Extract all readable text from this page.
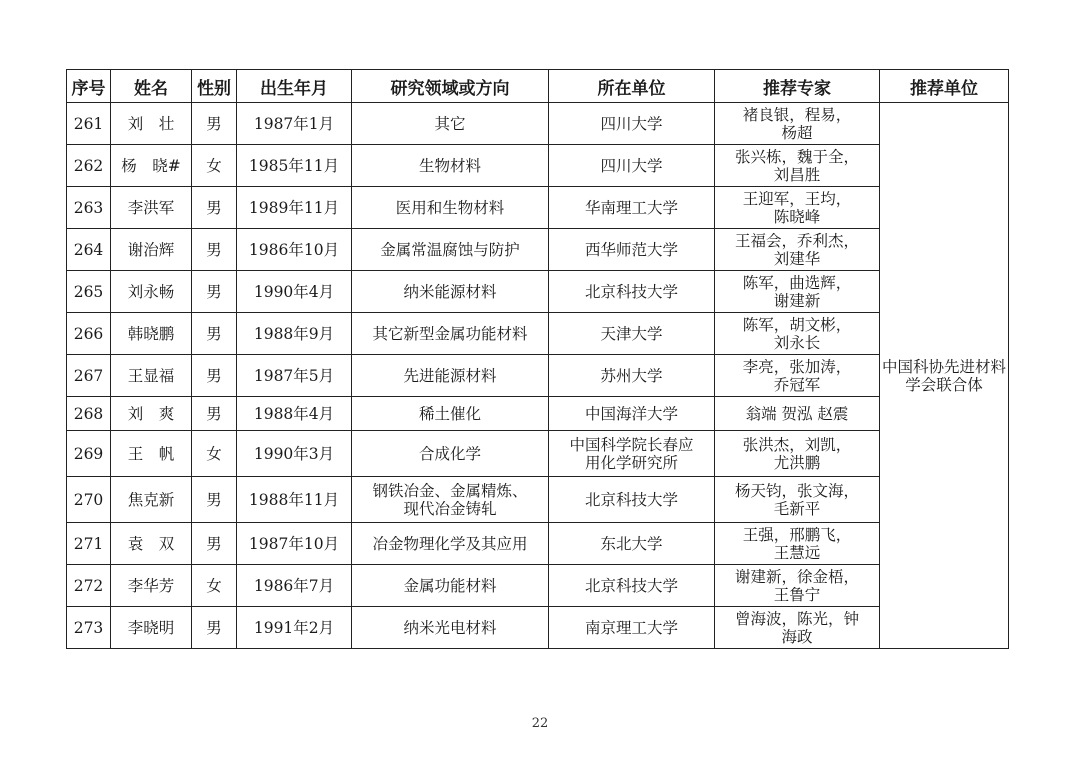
序号	姓名	性别	出生年月	研究领域或方向	所在单位	推荐专家	推荐单位
261	刘　壮	男	1987年1月	其它	四川大学	褚良银，程易，
杨超	中国科协先进材料学会联合体
262	杨　晓#	女	1985年11月	生物材料	四川大学	张兴栋，魏于全，
刘昌胜	
263	李洪军	男	1989年11月	医用和生物材料	华南理工大学	王迎军，王均，
陈晓峰	
264	谢治辉	男	1986年10月	金属常温腐蚀与防护	西华师范大学	王福会，乔利杰，
刘建华	
265	刘永畅	男	1990年4月	纳米能源材料	北京科技大学	陈军，曲选辉，
谢建新	
266	韩晓鹏	男	1988年9月	其它新型金属功能材料	天津大学	陈军，胡文彬，
刘永长	
267	王显福	男	1987年5月	先进能源材料	苏州大学	李亮，张加涛，
乔冠军	
268	刘　爽	男	1988年4月	稀土催化	中国海洋大学	翁端 贺泓 赵震	
269	王　帆	女	1990年3月	合成化学	中国科学院长春应
用化学研究所	张洪杰，刘凯，
尤洪鹏	
270	焦克新	男	1988年11月	钢铁冶金、金属精炼、
现代冶金铸轧	北京科技大学	杨天钧，张文海，
毛新平	
271	袁　双	男	1987年10月	冶金物理化学及其应用	东北大学	王强，邢鹏飞，
王慧远	
272	李华芳	女	1986年7月	金属功能材料	北京科技大学	谢建新，徐金梧，
王鲁宁	
273	李晓明	男	1991年2月	纳米光电材料	南京理工大学	曾海波，陈光，钟
海政	
22
